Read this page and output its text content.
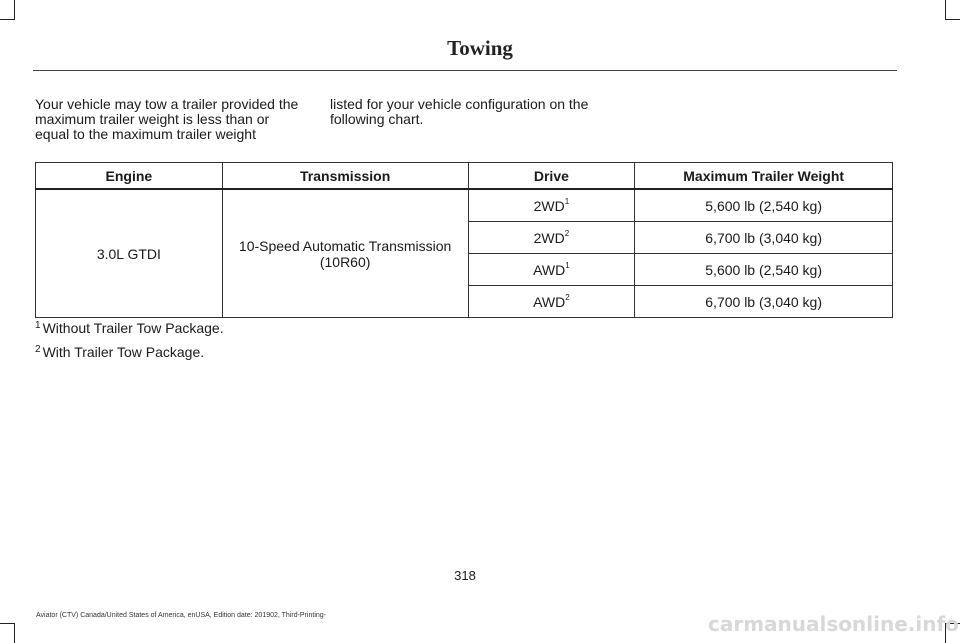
Towing

Your vehicle may tow a trailer provided the maximum trailer weight is less than or equal to the maximum trailer weight

listed for your vehicle configuration on the following chart.

Engine	Transmission	Drive	Maximum Trailer Weight
3.0L GTDI	10-Speed Automatic Transmission (10R60)	$2WD^1$	5,600 lb (2,540 kg)
		$2WD^2$	6,700 lb (3,040 kg)
		AWD$^1$	5,600 lb (2,540 kg)
		AWD$^2$	6,700 lb (3,040 kg)

$^1$ Without Trailer Tow Package.

$^2$ With Trailer Tow Package.

318
Aviator (CTV) Canada/United States of America, enUSA, Edition date: 201902, Third-Printing-	carmanualsonline.info
